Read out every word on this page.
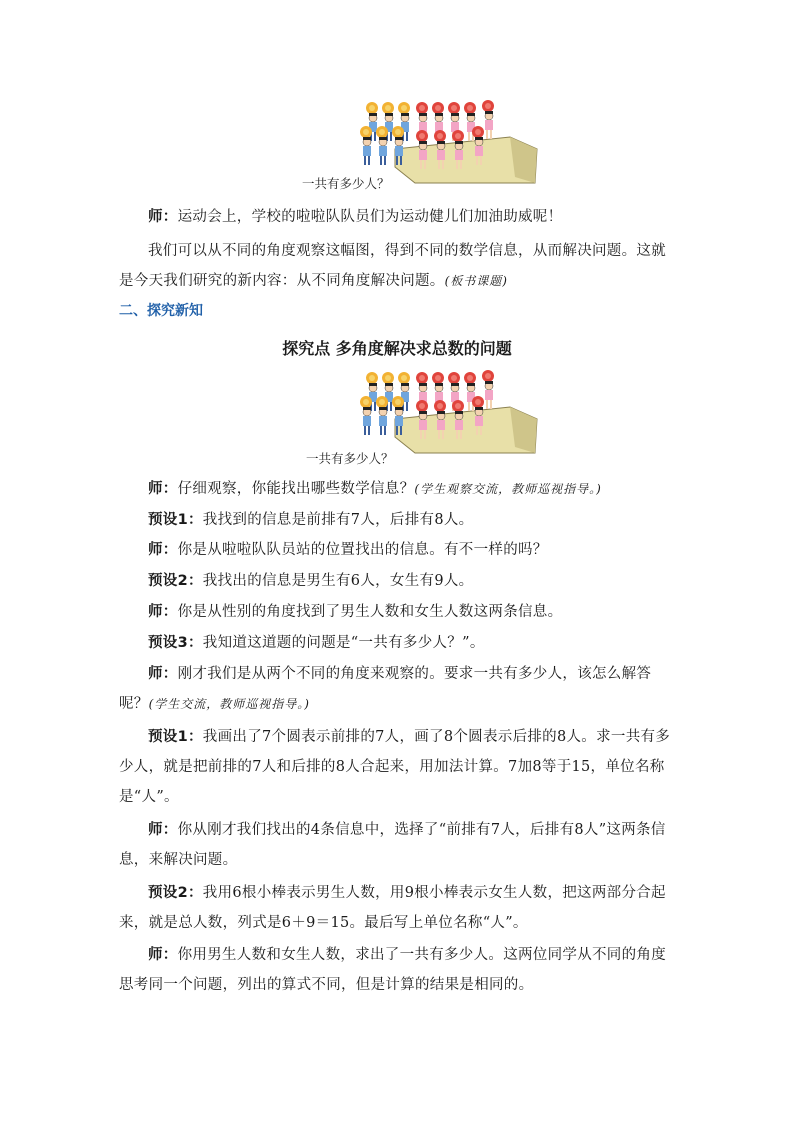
一共有多少人？
师：运动会上，学校的啦啦队队员们为运动健儿们加油助威呢！
我们可以从不同的角度观察这幅图，得到不同的数学信息，从而解决问题。这就是今天我们研究的新内容：从不同角度解决问题。(板书课题)
二、探究新知
探究点 多角度解决求总数的问题
一共有多少人？
师：仔细观察，你能找出哪些数学信息？(学生观察交流，教师巡视指导。)
预设1：我找到的信息是前排有7人，后排有8人。
师：你是从啦啦队队员站的位置找出的信息。有不一样的吗？
预设2：我找出的信息是男生有6人，女生有9人。
师：你是从性别的角度找到了男生人数和女生人数这两条信息。
预设3：我知道这道题的问题是“一共有多少人？”。
师：刚才我们是从两个不同的角度来观察的。要求一共有多少人，该怎么解答呢？(学生交流，教师巡视指导。)
预设1：我画出了7个圆表示前排的7人，画了8个圆表示后排的8人。求一共有多少人，就是把前排的7人和后排的8人合起来，用加法计算。7加8等于15，单位名称是“人”。
师：你从刚才我们找出的4条信息中，选择了“前排有7人，后排有8人”这两条信息，来解决问题。
预设2：我用6根小棒表示男生人数，用9根小棒表示女生人数，把这两部分合起来，就是总人数，列式是6＋9＝15。最后写上单位名称“人”。
师：你用男生人数和女生人数，求出了一共有多少人。这两位同学从不同的角度思考同一个问题，列出的算式不同，但是计算的结果是相同的。
